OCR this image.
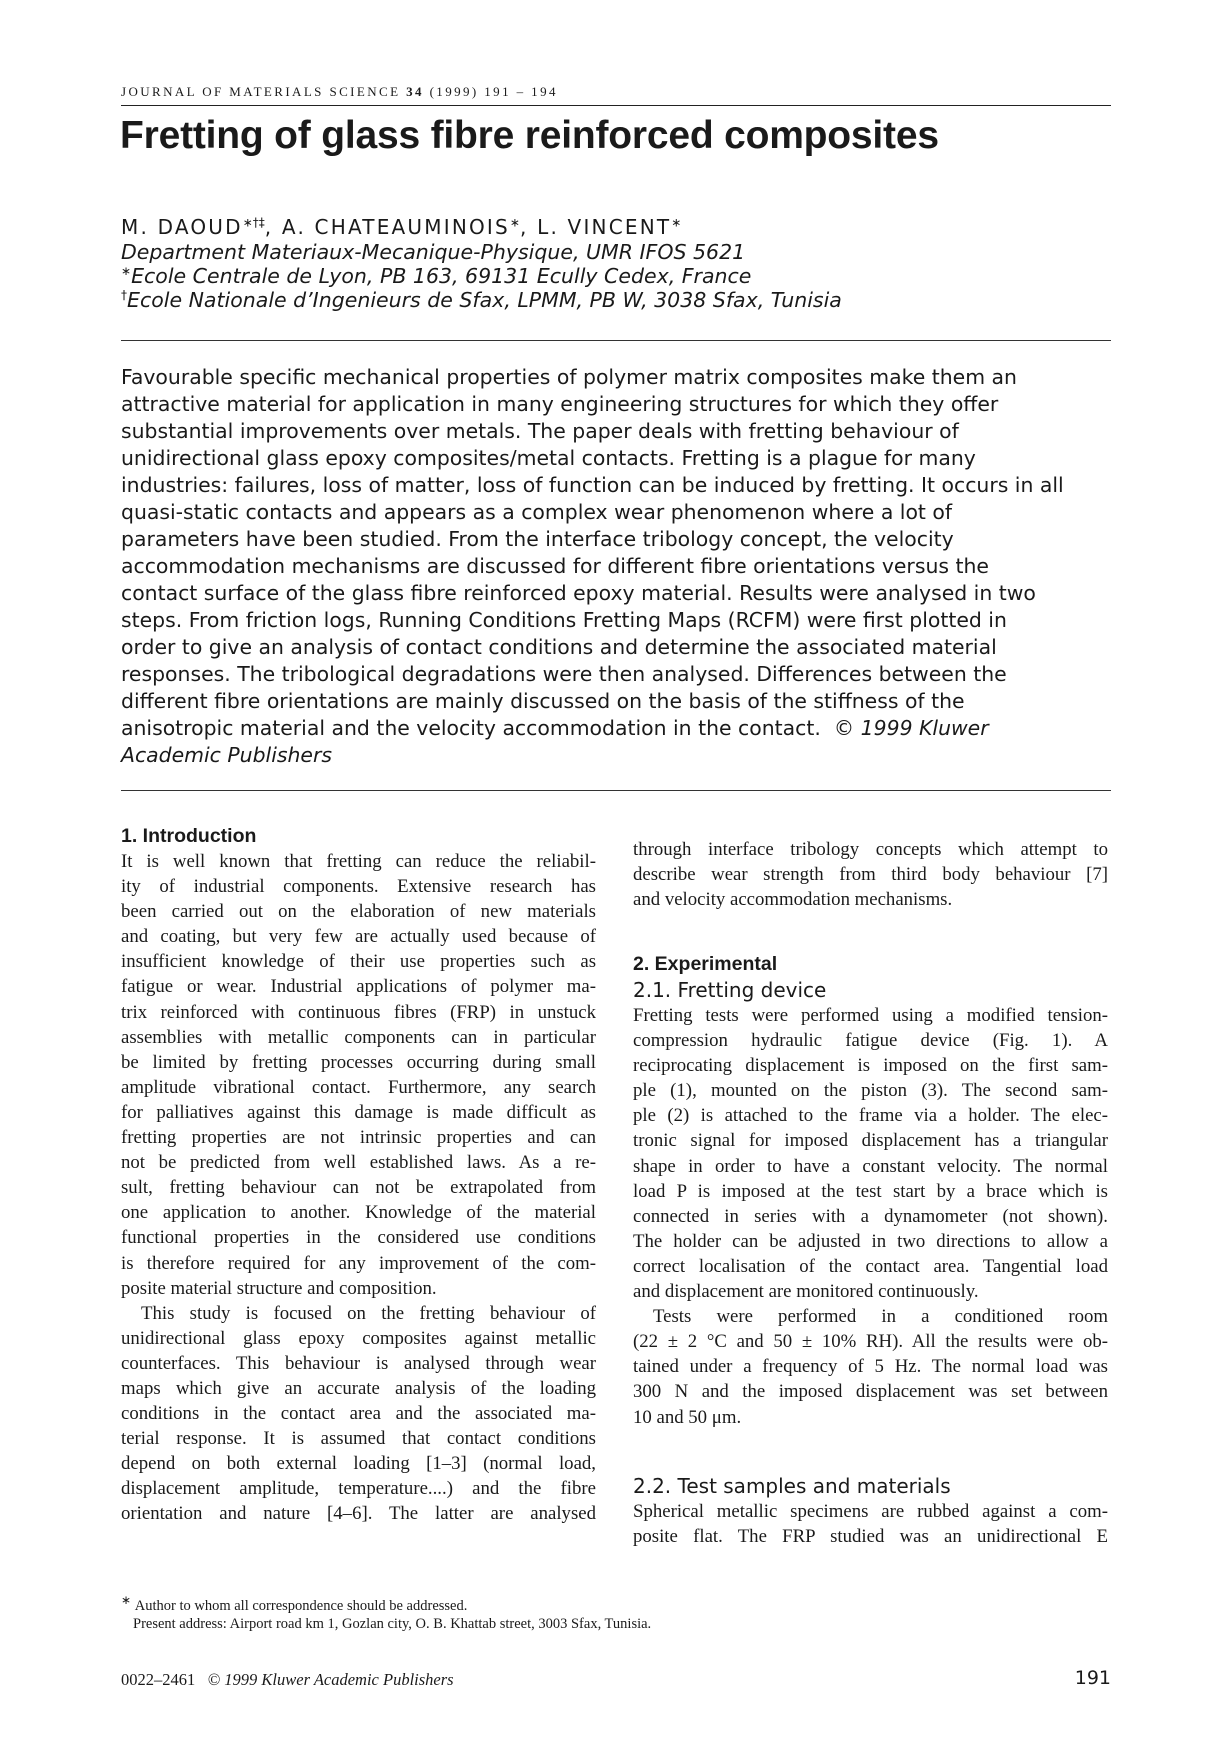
JOURNAL OF MATERIALS SCIENCE 34 (1999) 191 – 194
Fretting of glass fibre reinforced composites
M. DAOUD∗†‡, A. CHATEAUMINOIS∗, L. VINCENT∗
Department Materiaux-Mecanique-Physique, UMR IFOS 5621
∗Ecole Centrale de Lyon, PB 163, 69131 Ecully Cedex, France
†Ecole Nationale d’Ingenieurs de Sfax, LPMM, PB W, 3038 Sfax, Tunisia
Favourable specific mechanical properties of polymer matrix composites make them an
attractive material for application in many engineering structures for which they offer
substantial improvements over metals. The paper deals with fretting behaviour of
unidirectional glass epoxy composites/metal contacts. Fretting is a plague for many
industries: failures, loss of matter, loss of function can be induced by fretting. It occurs in all
quasi-static contacts and appears as a complex wear phenomenon where a lot of
parameters have been studied. From the interface tribology concept, the velocity
accommodation mechanisms are discussed for different fibre orientations versus the
contact surface of the glass fibre reinforced epoxy material. Results were analysed in two
steps. From friction logs, Running Conditions Fretting Maps (RCFM) were first plotted in
order to give an analysis of contact conditions and determine the associated material
responses. The tribological degradations were then analysed. Differences between the
different fibre orientations are mainly discussed on the basis of the stiffness of the
anisotropic material and the velocity accommodation in the contact. © 1999 Kluwer
Academic Publishers
1. Introduction
It is well known that fretting can reduce the reliabil-
ity of industrial components. Extensive research has
been carried out on the elaboration of new materials
and coating, but very few are actually used because of
insufficient knowledge of their use properties such as
fatigue or wear. Industrial applications of polymer ma-
trix reinforced with continuous fibres (FRP) in unstuck
assemblies with metallic components can in particular
be limited by fretting processes occurring during small
amplitude vibrational contact. Furthermore, any search
for palliatives against this damage is made difficult as
fretting properties are not intrinsic properties and can
not be predicted from well established laws. As a re-
sult, fretting behaviour can not be extrapolated from
one application to another. Knowledge of the material
functional properties in the considered use conditions
is therefore required for any improvement of the com-
posite material structure and composition.
This study is focused on the fretting behaviour of
unidirectional glass epoxy composites against metallic
counterfaces. This behaviour is analysed through wear
maps which give an accurate analysis of the loading
conditions in the contact area and the associated ma-
terial response. It is assumed that contact conditions
depend on both external loading [1–3] (normal load,
displacement amplitude, temperature....) and the fibre
orientation and nature [4–6]. The latter are analysed
through interface tribology concepts which attempt to
describe wear strength from third body behaviour [7]
and velocity accommodation mechanisms.
2. Experimental
2.1. Fretting device
Fretting tests were performed using a modified tension-
compression hydraulic fatigue device (Fig. 1). A
reciprocating displacement is imposed on the first sam-
ple (1), mounted on the piston (3). The second sam-
ple (2) is attached to the frame via a holder. The elec-
tronic signal for imposed displacement has a triangular
shape in order to have a constant velocity. The normal
load P is imposed at the test start by a brace which is
connected in series with a dynamometer (not shown).
The holder can be adjusted in two directions to allow a
correct localisation of the contact area. Tangential load
and displacement are monitored continuously.
Tests were performed in a conditioned room
(22 ± 2 °C and 50 ± 10% RH). All the results were ob-
tained under a frequency of 5 Hz. The normal load was
300 N and the imposed displacement was set between
10 and 50 μm.
2.2. Test samples and materials
Spherical metallic specimens are rubbed against a com-
posite flat. The FRP studied was an unidirectional E
∗ Author to whom all correspondence should be addressed.
Present address: Airport road km 1, Gozlan city, O. B. Khattab street, 3003 Sfax, Tunisia.
0022–2461 © 1999 Kluwer Academic Publishers	191
